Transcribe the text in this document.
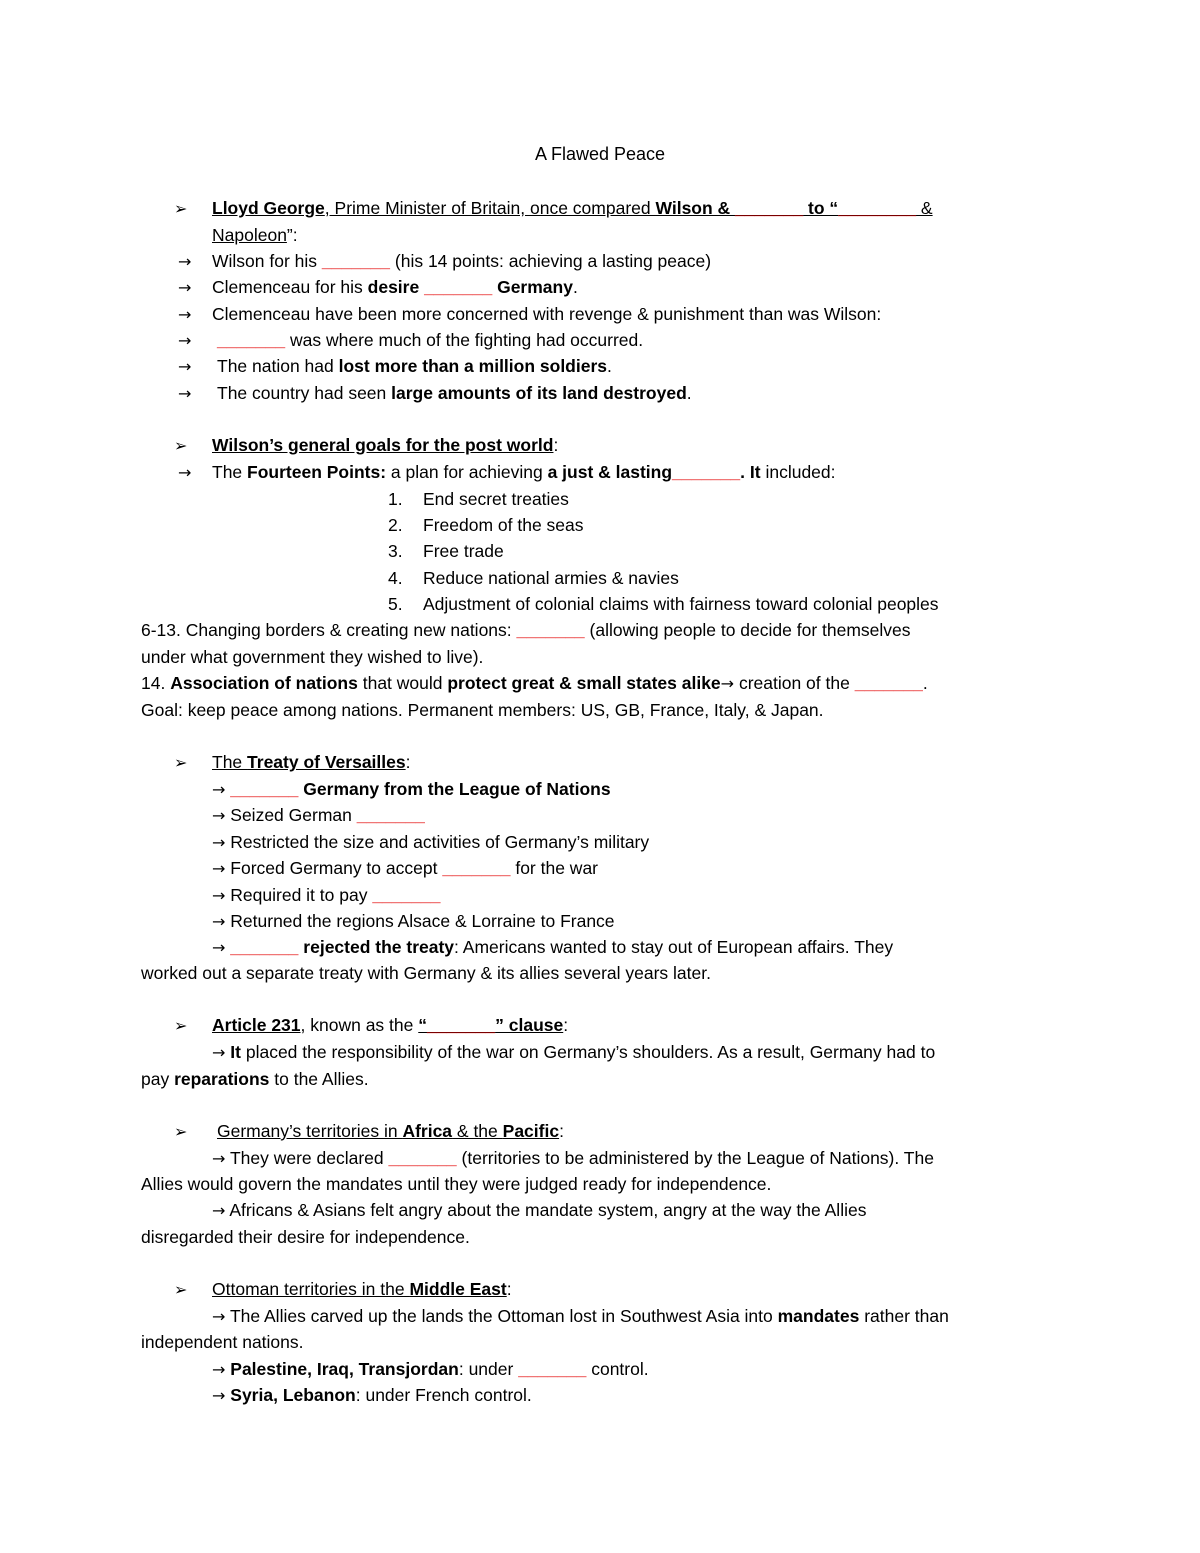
A Flawed Peace
➢ Lloyd George, Prime Minister of Britain, once compared Wilson & _______ to “________ &
Napoleon”:
→ Wilson for his _______ (his 14 points: achieving a lasting peace)
→ Clemenceau for his desire _______ Germany.
→ Clemenceau have been more concerned with revenge & punishment than was Wilson:
→ _______ was where much of the fighting had occurred.
→ The nation had lost more than a million soldiers.
→ The country had seen large amounts of its land destroyed.
➢ Wilson’s general goals for the post world:
→ The Fourteen Points: a plan for achieving a just & lasting_______. It included:
1. End secret treaties
2. Freedom of the seas
3. Free trade
4. Reduce national armies & navies
5. Adjustment of colonial claims with fairness toward colonial peoples
6-13. Changing borders & creating new nations: _______ (allowing people to decide for themselves
under what government they wished to live).
14. Association of nations that would protect great & small states alike→ creation of the _______.
Goal: keep peace among nations. Permanent members: US, GB, France, Italy, & Japan.
➢ The Treaty of Versailles:
→ _______ Germany from the League of Nations
→ Seized German _______
→ Restricted the size and activities of Germany’s military
→ Forced Germany to accept _______ for the war
→ Required it to pay _______
→ Returned the regions Alsace & Lorraine to France
→ _______ rejected the treaty: Americans wanted to stay out of European affairs. They
worked out a separate treaty with Germany & its allies several years later.
➢ Article 231, known as the “_______” clause:
→ It placed the responsibility of the war on Germany’s shoulders. As a result, Germany had to
pay reparations to the Allies.
➢ Germany’s territories in Africa & the Pacific:
→ They were declared _______ (territories to be administered by the League of Nations). The
Allies would govern the mandates until they were judged ready for independence.
→ Africans & Asians felt angry about the mandate system, angry at the way the Allies
disregarded their desire for independence.
➢ Ottoman territories in the Middle East:
→ The Allies carved up the lands the Ottoman lost in Southwest Asia into mandates rather than
independent nations.
→ Palestine, Iraq, Transjordan: under _______ control.
→ Syria, Lebanon: under French control.
